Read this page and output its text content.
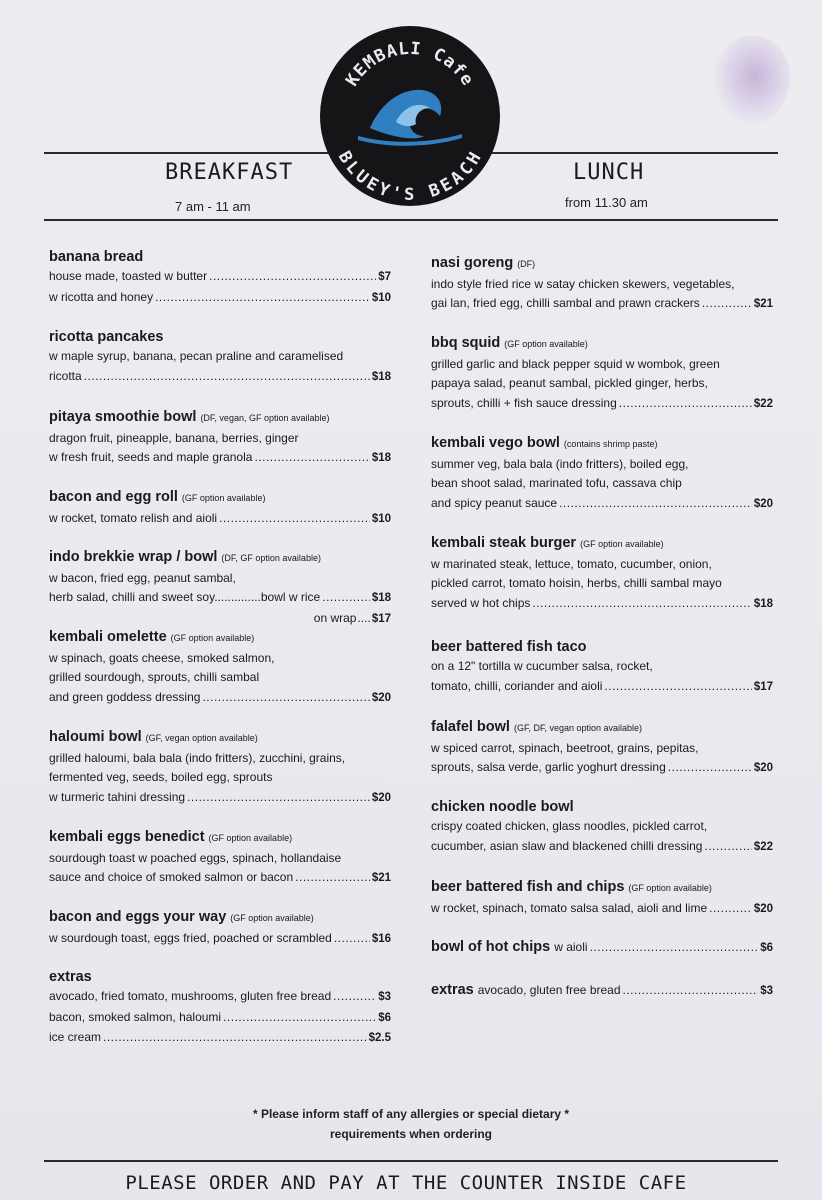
KEMBALI Cafe
BLUEY'S BEACH
BREAKFAST
7 am - 11 am
LUNCH
from 11.30 am
banana bread
house made, toasted w butter .....	$7
w ricotta and honey .....	$10
ricotta pancakes
w maple syrup, banana, pecan praline and caramelised
ricotta .....	$18
pitaya smoothie bowl (DF, vegan, GF option available)
dragon fruit, pineapple, banana, berries, ginger
w fresh fruit, seeds and maple granola .....	$18
bacon and egg roll (GF option available)
w rocket, tomato relish and aioli .....	$10
indo brekkie wrap / bowl (DF, GF option available)
w bacon, fried egg, peanut sambal,
herb salad, chilli and sweet soy..............bowl w rice .....	$18
on wrap .... $17
kembali omelette (GF option available)
w spinach, goats cheese, smoked salmon,
grilled sourdough, sprouts, chilli sambal
and green goddess dressing .....	$20
haloumi bowl (GF, vegan option available)
grilled haloumi, bala bala (indo fritters), zucchini, grains,
fermented veg, seeds, boiled egg, sprouts
w turmeric tahini dressing .....	$20
kembali eggs benedict (GF option available)
sourdough toast w poached eggs, spinach, hollandaise
sauce and choice of smoked salmon or bacon .....	$21
bacon and eggs your way (GF option available)
w sourdough toast, eggs fried, poached or scrambled .....	$16
extras
avocado, fried tomato, mushrooms, gluten free bread .....	$3
bacon, smoked salmon, haloumi .....	$6
ice cream .....	$2.5
nasi goreng (DF)
indo style fried rice w satay chicken skewers, vegetables,
gai lan, fried egg, chilli sambal and prawn crackers .....	$21
bbq squid (GF option available)
grilled garlic and black pepper squid w wombok, green
papaya salad, peanut sambal, pickled ginger, herbs,
sprouts, chilli + fish sauce dressing .....	$22
kembali vego bowl (contains shrimp paste)
summer veg, bala bala (indo fritters), boiled egg,
bean shoot salad, marinated tofu, cassava chip
and spicy peanut sauce .....	$20
kembali steak burger (GF option available)
w marinated steak, lettuce, tomato, cucumber, onion,
pickled carrot, tomato hoisin, herbs, chilli sambal mayo
served w hot chips .....	$18
beer battered fish taco
on a 12" tortilla w cucumber salsa, rocket,
tomato, chilli, coriander and aioli .....	$17
falafel bowl (GF, DF, vegan option available)
w spiced carrot, spinach, beetroot, grains, pepitas,
sprouts, salsa verde, garlic yoghurt dressing .....	$20
chicken noodle bowl
crispy coated chicken, glass noodles, pickled carrot,
cucumber, asian slaw and blackened chilli dressing .....	$22
beer battered fish and chips (GF option available)
w rocket, spinach, tomato salsa salad, aioli and lime .....	$20
bowl of hot chips w aioli .....	$6
extras avocado, gluten free bread .....	$3
* Please inform staff of any allergies or special dietary *
requirements when ordering
PLEASE ORDER AND PAY AT THE COUNTER INSIDE CAFE
